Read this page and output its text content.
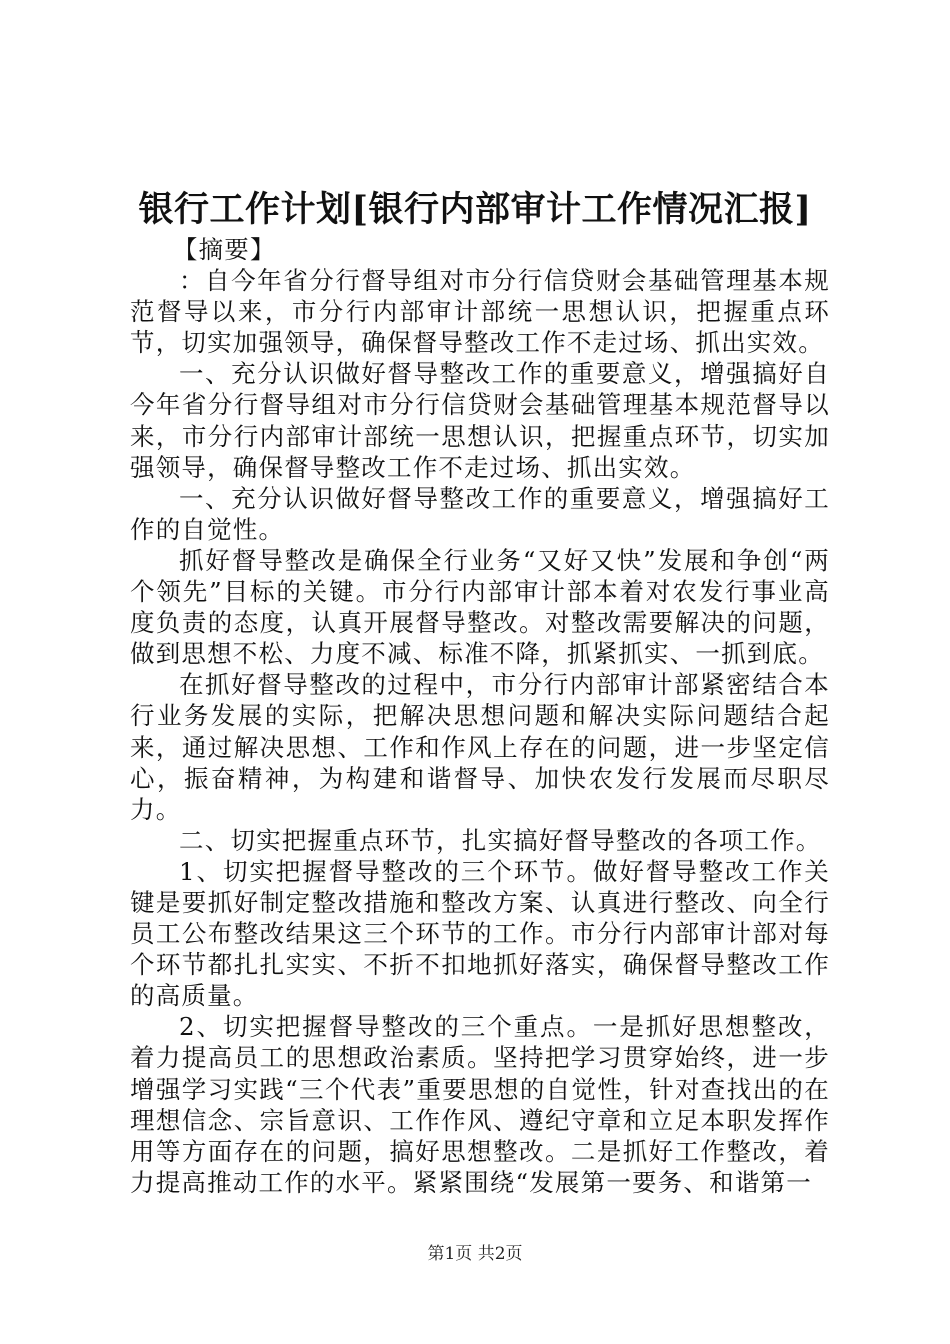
银行工作计划[银行内部审计工作情况汇报]

【摘要】

：自今年省分行督导组对市分行信贷财会基础管理基本规范督导以来，市分行内部审计部统一思想认识，把握重点环节，切实加强领导，确保督导整改工作不走过场、抓出实效。

一、充分认识做好督导整改工作的重要意义，增强搞好自今年省分行督导组对市分行信贷财会基础管理基本规范督导以来，市分行内部审计部统一思想认识，把握重点环节，切实加强领导，确保督导整改工作不走过场、抓出实效。

一、充分认识做好督导整改工作的重要意义，增强搞好工作的自觉性。

抓好督导整改是确保全行业务“又好又快”发展和争创“两个领先”目标的关键。市分行内部审计部本着对农发行事业高度负责的态度，认真开展督导整改。对整改需要解决的问题，做到思想不松、力度不减、标准不降，抓紧抓实、一抓到底。

在抓好督导整改的过程中，市分行内部审计部紧密结合本行业务发展的实际，把解决思想问题和解决实际问题结合起来，通过解决思想、工作和作风上存在的问题，进一步坚定信心，振奋精神，为构建和谐督导、加快农发行发展而尽职尽力。

二、切实把握重点环节，扎实搞好督导整改的各项工作。

1、切实把握督导整改的三个环节。做好督导整改工作关键是要抓好制定整改措施和整改方案、认真进行整改、向全行员工公布整改结果这三个环节的工作。市分行内部审计部对每个环节都扎扎实实、不折不扣地抓好落实，确保督导整改工作的高质量。

2、切实把握督导整改的三个重点。一是抓好思想整改，着力提高员工的思想政治素质。坚持把学习贯穿始终，进一步增强学习实践“三个代表”重要思想的自觉性，针对查找出的在理想信念、宗旨意识、工作作风、遵纪守章和立足本职发挥作用等方面存在的问题，搞好思想整改。二是抓好工作整改，着力提高推动工作的水平。紧紧围绕“发展第一要务、和谐第一

第1页 共2页
